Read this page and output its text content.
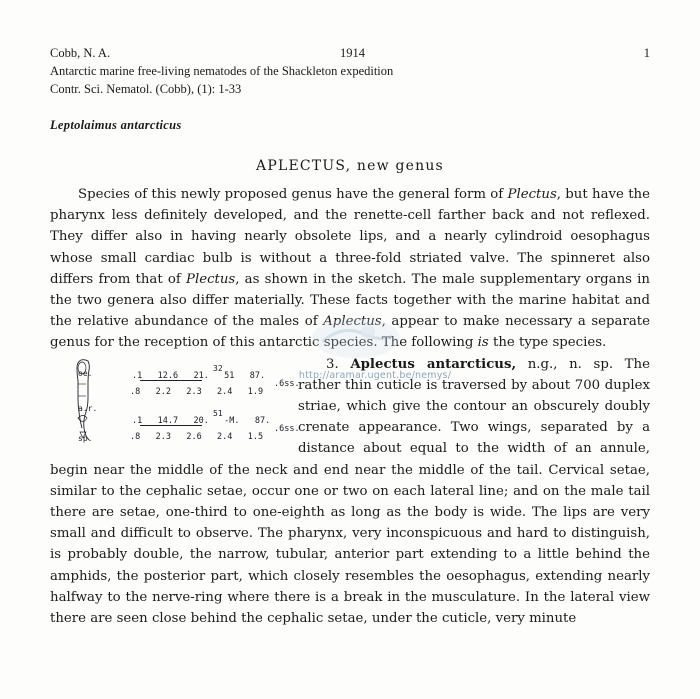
Cobb, N. A.	1914	1
Antarctic marine free-living nematodes of the Shackleton expedition
Contr. Sci. Nematol. (Cobb), (1): 1-33
Leptolaimus antarcticus
APLECTUS, new genus

Species of this newly proposed genus have the general form of Plectus, but have the pharynx less definitely developed, and the renette-cell farther back and not reflexed. They differ also in having nearly obsolete lips, and a nearly cylindroid oesophagus whose small cardiac bulb is without a three-fold striated valve. The spinneret also differs from that of Plectus, as shown in the sketch. The male supplementary organs in the two genera also differ materially. These facts together with the marine habitat and the relative abundance of the males of Aplectus, appear to make necessary a separate genus for the reception of this antarctic species. The following is the type species.

oe.
a.r.
sp.
.1 12.6 21. 51 87.
32
.8 2.2 2.3 2.4 1.9
.6ss.
.1 14.7 20. -M. 87.
51
.8 2.3 2.6 2.4 1.5
.6ss.
3. Aplectus antarcticus, n.g., n. sp. The rather thin cuticle is traversed by about 700 duplex striae, which give the contour an obscurely doubly crenate appearance. Two wings, separated by a distance about equal to the width of an annule, begin near the middle of the neck and end near the middle of the tail. Cervical setae, similar to the cephalic setae, occur one or two on each lateral line; and on the male tail there are setae, one-third to one-eighth as long as the body is wide. The lips are very small and difficult to observe. The pharynx, very inconspicuous and hard to distinguish, is probably double, the narrow, tubular, anterior part extending to a little behind the amphids, the posterior part, which closely resembles the oesophagus, extending nearly halfway to the nerve-ring where there is a break in the musculature. In the lateral view there are seen close behind the cephalic setae, under the cuticle, very minute

http://aramar.ugent.be/nemys/
